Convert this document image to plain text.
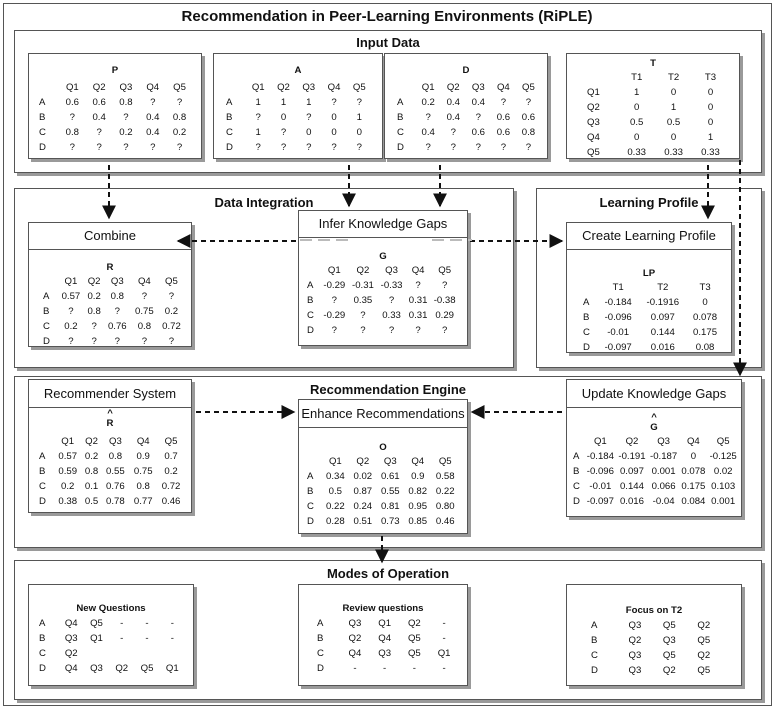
Recommendation in Peer-Learning Environments (RiPLE)
Input Data
Data Integration	Learning Profile
Recommendation Engine
Modes of Operation
P
	Q1	Q2	Q3	Q4	Q5
A	0.6	0.6	0.8	?	?
B	?	0.4	?	0.4	0.8
C	0.8	?	0.2	0.4	0.2
D	?	?	?	?	?
A
	Q1	Q2	Q3	Q4	Q5
A	1	1	1	?	?
B	?	0	?	0	1
C	1	?	0	0	0
D	?	?	?	?	?
D
	Q1	Q2	Q3	Q4	Q5
A	0.2	0.4	0.4	?	?
B	?	0.4	?	0.6	0.6
C	0.4	?	0.6	0.6	0.8
D	?	?	?	?	?
T
	T1	T2	T3
Q1	1	0	0
Q2	0	1	0
Q3	0.5	0.5	0
Q4	0	0	1
Q5	0.33	0.33	0.33
Combine
R
	Q1	Q2	Q3	Q4	Q5
A	0.57	0.2	0.8	?	?
B	?	0.8	?	0.75	0.2
C	0.2	?	0.76	0.8	0.72
D	?	?	?	?	?
Infer Knowledge Gaps
G
	Q1	Q2	Q3	Q4	Q5
A	-0.29	-0.31	-0.33	?	?
B	?	0.35	?	0.31	-0.38
C	-0.29	?	0.33	0.31	0.29
D	?	?	?	?	?
Create Learning Profile
LP
	T1	T2	T3
A	-0.184	-0.1916	0
B	-0.096	0.097	0.078
C	-0.01	0.144	0.175
D	-0.097	0.016	0.08
Recommender System
^
R
	Q1	Q2	Q3	Q4	Q5
A	0.57	0.2	0.8	0.9	0.7
B	0.59	0.8	0.55	0.75	0.2
C	0.2	0.1	0.76	0.8	0.72
D	0.38	0.5	0.78	0.77	0.46
Enhance Recommendations
O
	Q1	Q2	Q3	Q4	Q5
A	0.34	0.02	0.61	0.9	0.58
B	0.5	0.87	0.55	0.82	0.22
C	0.22	0.24	0.81	0.95	0.80
D	0.28	0.51	0.73	0.85	0.46
Update Knowledge Gaps
^
G
	Q1	Q2	Q3	Q4	Q5
A	-0.184	-0.191	-0.187	0	-0.125
B	-0.096	0.097	0.001	0.078	0.02
C	-0.01	0.144	0.066	0.175	0.103
D	-0.097	0.016	-0.04	0.084	0.001
New Questions
A	Q4	Q5	-	-	-
B	Q3	Q1	-	-	-
C	Q2				
D	Q4	Q3	Q2	Q5	Q1
Review questions
A	Q3	Q1	Q2	-
B	Q2	Q4	Q5	-
C	Q4	Q3	Q5	Q1
D	-	-	-	-
Focus on T2
A	Q3	Q5	Q2
B	Q2	Q3	Q5
C	Q3	Q5	Q2
D	Q3	Q2	Q5
